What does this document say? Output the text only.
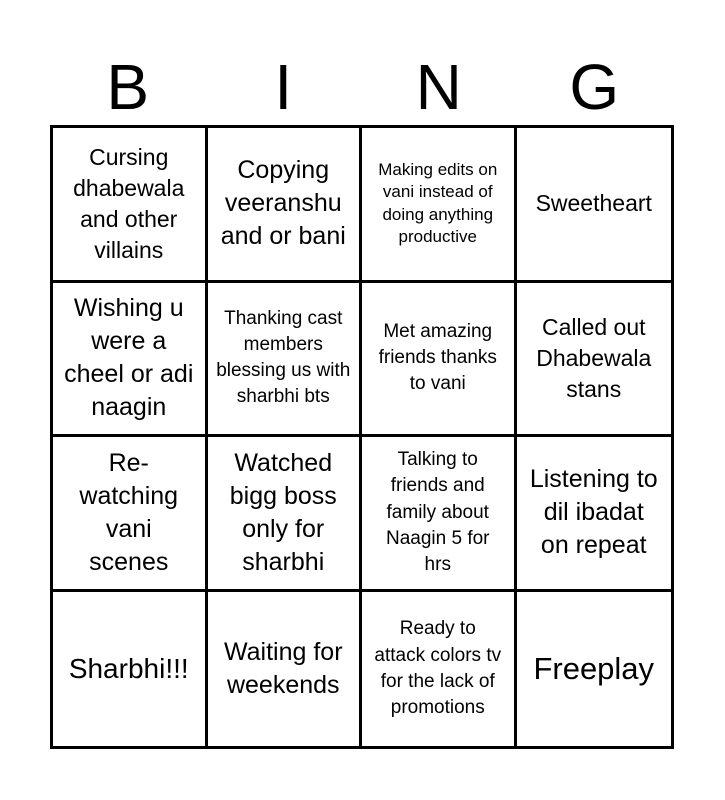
B	I	N	G
Cursing dhabewala and other villains
Copying veeranshu and or bani
Making edits on vani instead of doing anything productive
Sweetheart
Wishing u were a cheel or adi naagin
Thanking cast members blessing us with sharbhi bts
Met amazing friends thanks to vani
Called out Dhabewala stans
Re-watching vani scenes
Watched bigg boss only for sharbhi
Talking to friends and family about Naagin 5 for hrs
Listening to dil ibadat on repeat
Sharbhi!!!
Waiting for weekends
Ready to attack colors tv for the lack of promotions
Freeplay
